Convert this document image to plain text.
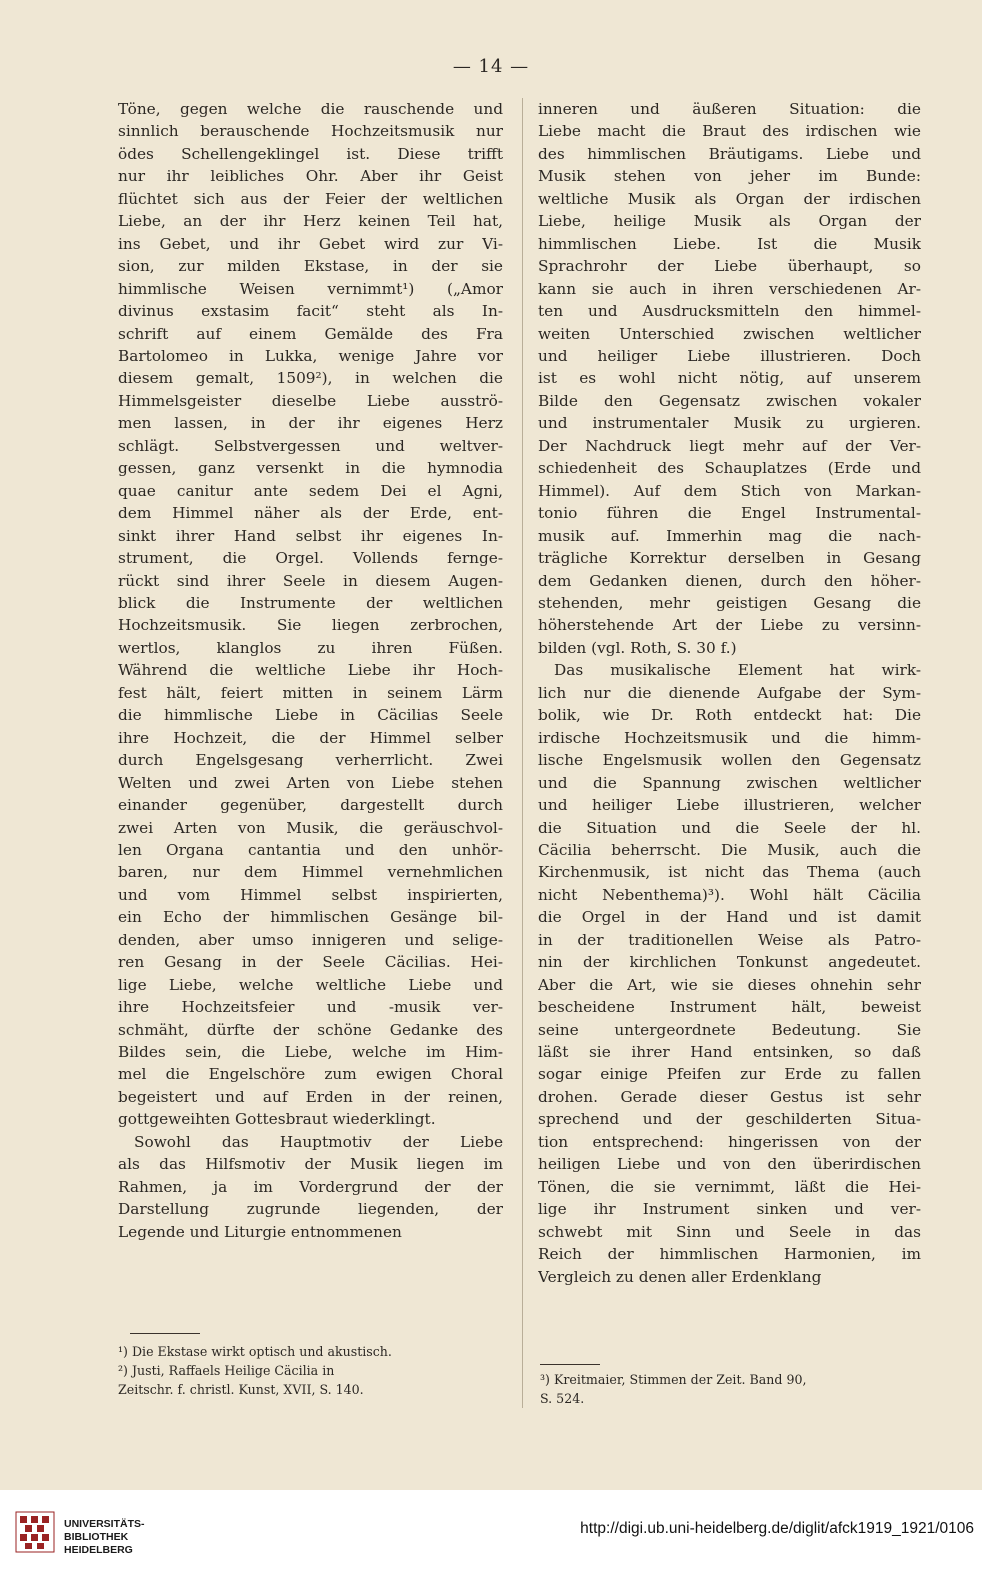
— 14 —
Töne, gegen welche die rauschende und
sinnlich berauschende Hochzeitsmusik nur
ödes Schellengeklingel ist. Diese trifft
nur ihr leibliches Ohr. Aber ihr Geist
flüchtet sich aus der Feier der weltlichen
Liebe, an der ihr Herz keinen Teil hat,
ins Gebet, und ihr Gebet wird zur Vi-
sion, zur milden Ekstase, in der sie
himmlische Weisen vernimmt¹) („Amor
divinus exstasim facit“ steht als In-
schrift auf einem Gemälde des Fra
Bartolomeo in Lukka, wenige Jahre vor
diesem gemalt, 1509²), in welchen die
Himmelsgeister dieselbe Liebe ausströ-
men lassen, in der ihr eigenes Herz
schlägt. Selbstvergessen und weltver-
gessen, ganz versenkt in die hymnodia
quae canitur ante sedem Dei el Agni,
dem Himmel näher als der Erde, ent-
sinkt ihrer Hand selbst ihr eigenes In-
strument, die Orgel. Vollends fernge-
rückt sind ihrer Seele in diesem Augen-
blick die Instrumente der weltlichen
Hochzeitsmusik. Sie liegen zerbrochen,
wertlos, klanglos zu ihren Füßen.
Während die weltliche Liebe ihr Hoch-
fest hält, feiert mitten in seinem Lärm
die himmlische Liebe in Cäcilias Seele
ihre Hochzeit, die der Himmel selber
durch Engelsgesang verherrlicht. Zwei
Welten und zwei Arten von Liebe stehen
einander gegenüber, dargestellt durch
zwei Arten von Musik, die geräuschvol-
len Organa cantantia und den unhör-
baren, nur dem Himmel vernehmlichen
und vom Himmel selbst inspirierten,
ein Echo der himmlischen Gesänge bil-
denden, aber umso innigeren und selige-
ren Gesang in der Seele Cäcilias. Hei-
lige Liebe, welche weltliche Liebe und
ihre Hochzeitsfeier und -musik ver-
schmäht, dürfte der schöne Gedanke des
Bildes sein, die Liebe, welche im Him-
mel die Engelschöre zum ewigen Choral
begeistert und auf Erden in der reinen,
gottgeweihten Gottesbraut wiederklingt.
Sowohl das Hauptmotiv der Liebe
als das Hilfsmotiv der Musik liegen im
Rahmen, ja im Vordergrund der der
Darstellung zugrunde liegenden, der
Legende und Liturgie entnommenen
inneren und äußeren Situation: die
Liebe macht die Braut des irdischen wie
des himmlischen Bräutigams. Liebe und
Musik stehen von jeher im Bunde:
weltliche Musik als Organ der irdischen
Liebe, heilige Musik als Organ der
himmlischen Liebe. Ist die Musik
Sprachrohr der Liebe überhaupt, so
kann sie auch in ihren verschiedenen Ar-
ten und Ausdrucksmitteln den himmel-
weiten Unterschied zwischen weltlicher
und heiliger Liebe illustrieren. Doch
ist es wohl nicht nötig, auf unserem
Bilde den Gegensatz zwischen vokaler
und instrumentaler Musik zu urgieren.
Der Nachdruck liegt mehr auf der Ver-
schiedenheit des Schauplatzes (Erde und
Himmel). Auf dem Stich von Markan-
tonio führen die Engel Instrumental-
musik auf. Immerhin mag die nach-
trägliche Korrektur derselben in Gesang
dem Gedanken dienen, durch den höher-
stehenden, mehr geistigen Gesang die
höherstehende Art der Liebe zu versinn-
bilden (vgl. Roth, S. 30 f.)
Das musikalische Element hat wirk-
lich nur die dienende Aufgabe der Sym-
bolik, wie Dr. Roth entdeckt hat: Die
irdische Hochzeitsmusik und die himm-
lische Engelsmusik wollen den Gegensatz
und die Spannung zwischen weltlicher
und heiliger Liebe illustrieren, welcher
die Situation und die Seele der hl.
Cäcilia beherrscht. Die Musik, auch die
Kirchenmusik, ist nicht das Thema (auch
nicht Nebenthema)³). Wohl hält Cäcilia
die Orgel in der Hand und ist damit
in der traditionellen Weise als Patro-
nin der kirchlichen Tonkunst angedeutet.
Aber die Art, wie sie dieses ohnehin sehr
bescheidene Instrument hält, beweist
seine untergeordnete Bedeutung. Sie
läßt sie ihrer Hand entsinken, so daß
sogar einige Pfeifen zur Erde zu fallen
drohen. Gerade dieser Gestus ist sehr
sprechend und der geschilderten Situa-
tion entsprechend: hingerissen von der
heiligen Liebe und von den überirdischen
Tönen, die sie vernimmt, läßt die Hei-
lige ihr Instrument sinken und ver-
schwebt mit Sinn und Seele in das
Reich der himmlischen Harmonien, im
Vergleich zu denen aller Erdenklang
¹) Die Ekstase wirkt optisch und akustisch.
²) Justi, Raffaels Heilige Cäcilia in
Zeitschr. f. christl. Kunst, XVII, S. 140.
³) Kreitmaier, Stimmen der Zeit. Band 90,
S. 524.
UNIVERSITÄTS-
BIBLIOTHEK
HEIDELBERG
http://digi.ub.uni-heidelberg.de/diglit/afck1919_1921/0106
